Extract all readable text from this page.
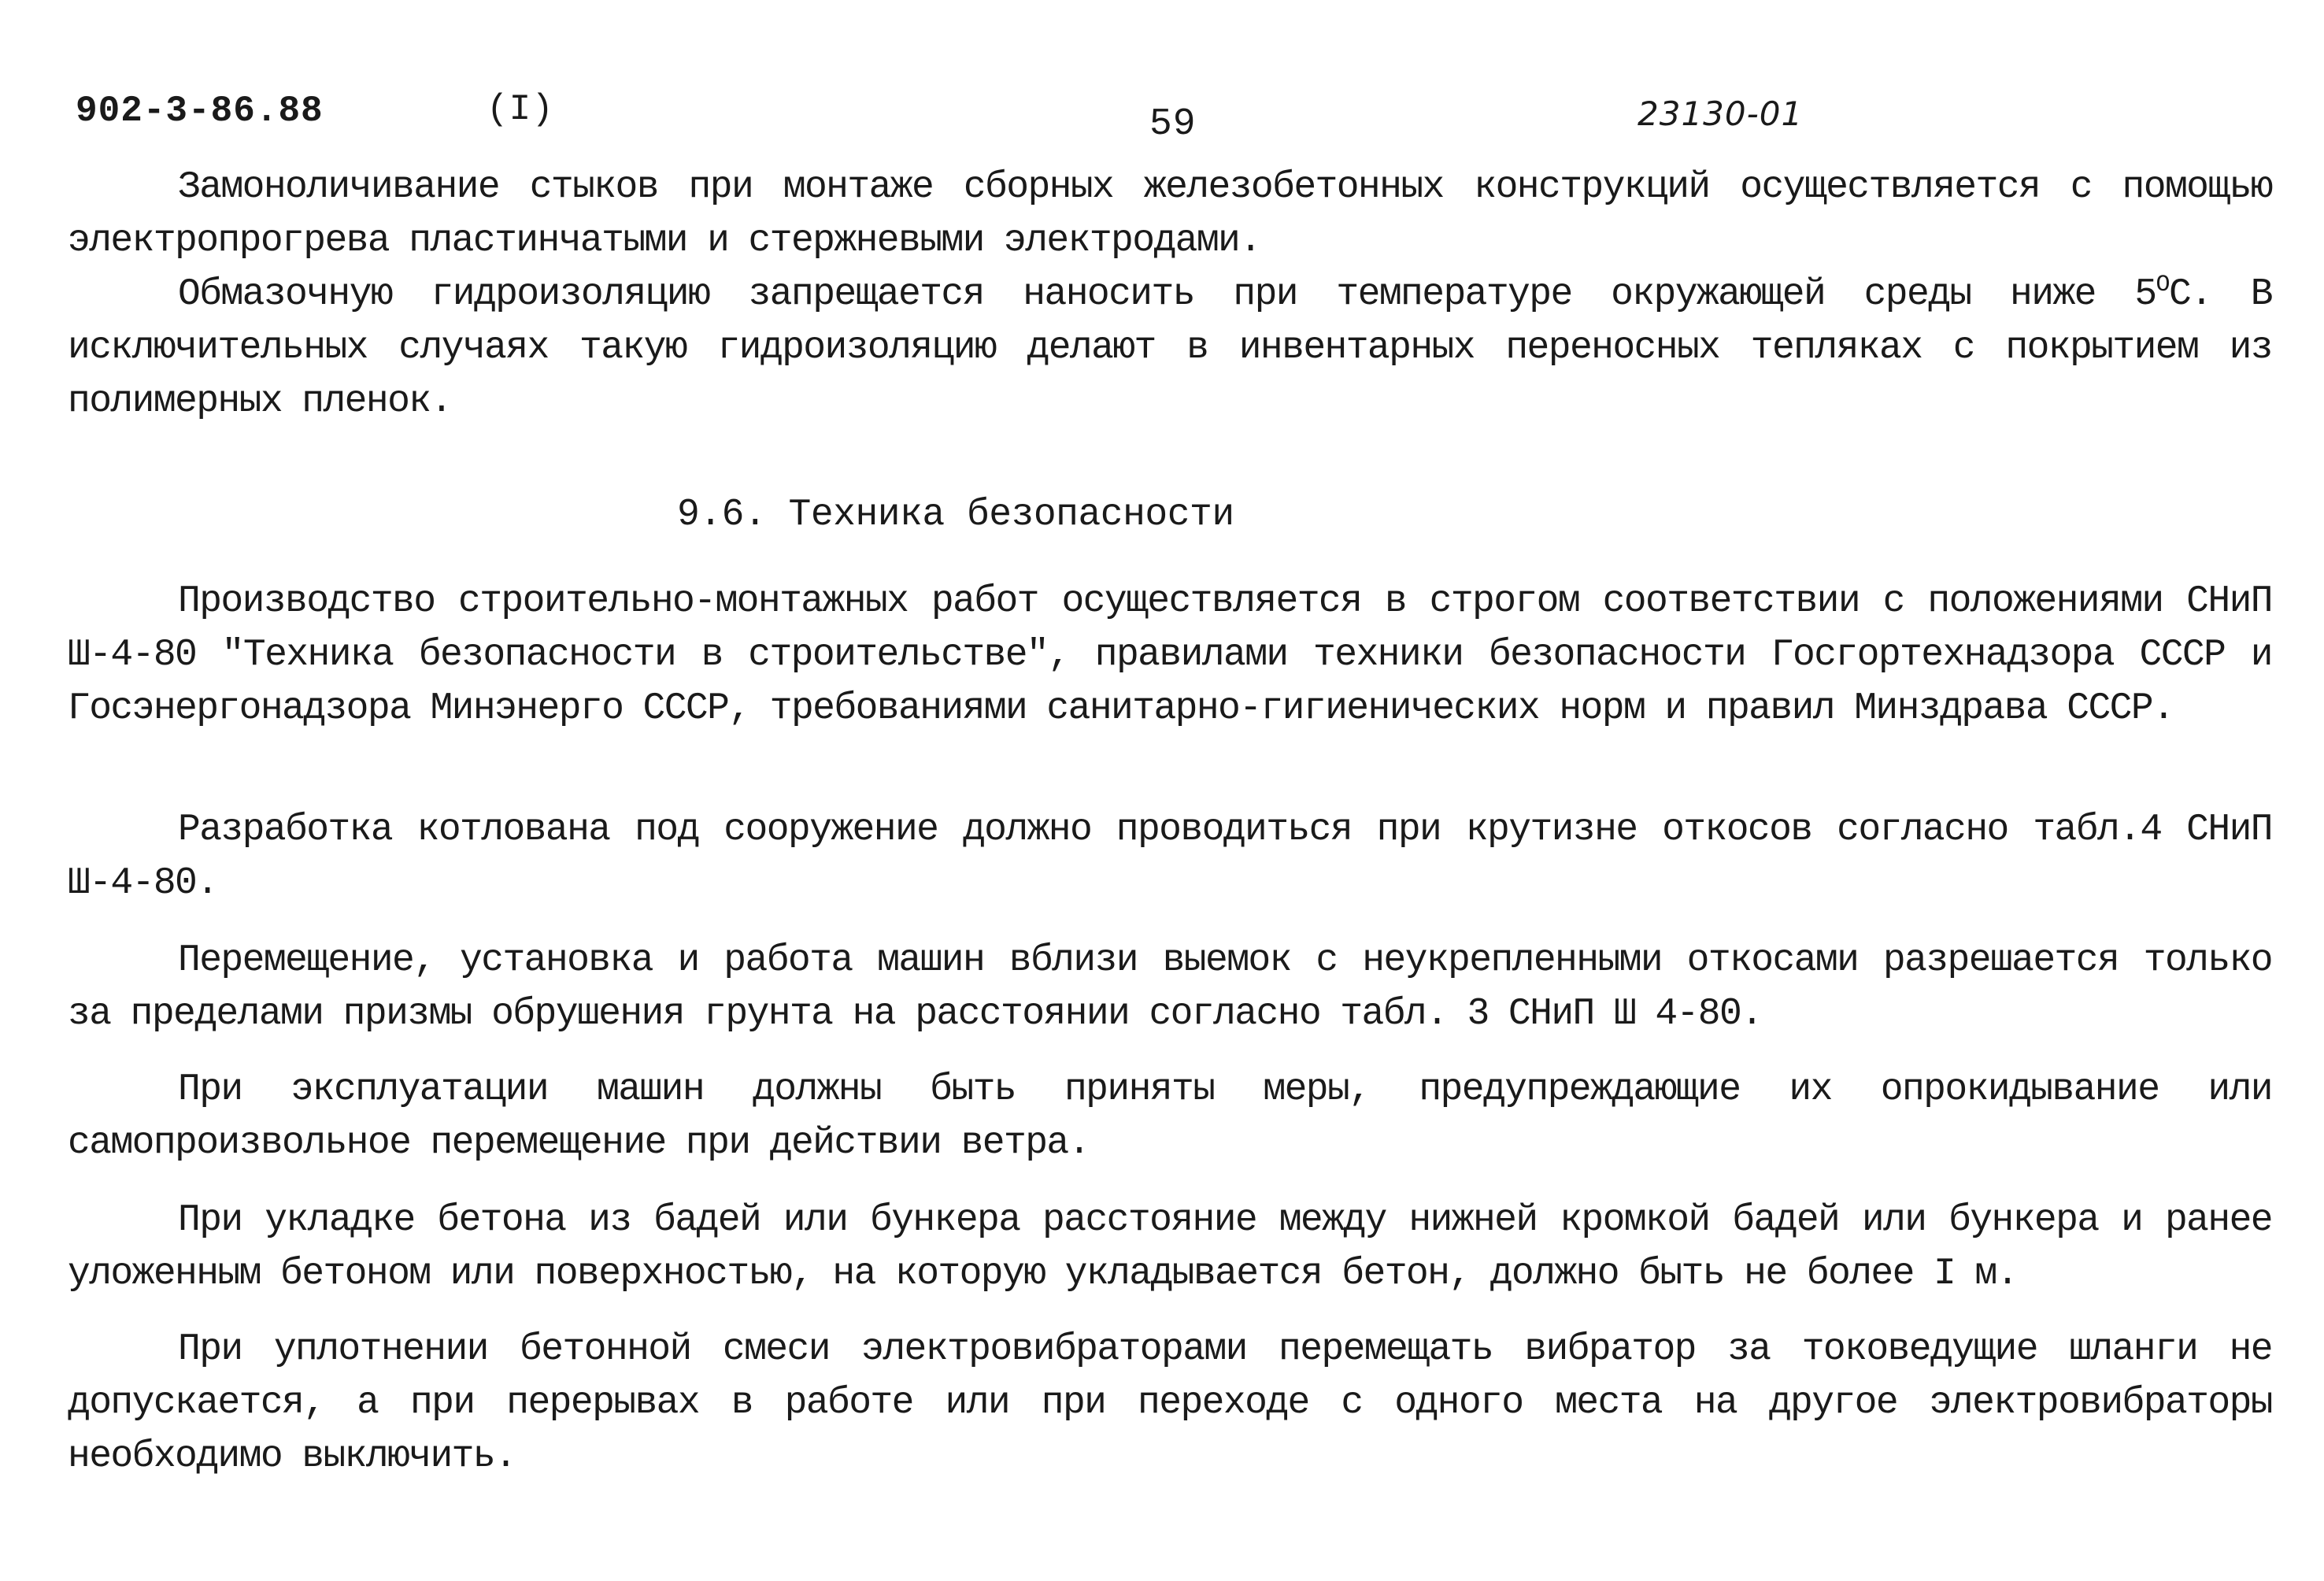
902-3-86.88	(I)	59	23130-01
Замоноличивание стыков при монтаже сборных железобетонных конструкций осуществляется с помощью электропрогрева пластинчатыми и стержневыми электродами.
Обмазочную гидроизоляцию запрещается наносить при температуре окружающей среды ниже $5^ОС$. В исключительных случаях такую гидроизоляцию делают в инвентарных переносных тепляках с покрытием из полимерных пленок.
9.6. Техника безопасности
Производство строительно-монтажных работ осуществляется в строгом соответствии с положениями СНиП Ш-4-80 "Техника безопасности в строительстве", правилами техники безопасности Госгортехнадзора СССР и Госэнергонадзора Минэнерго СССР, требованиями санитарно-гигиенических норм и правил Минздрава СССР.
Разработка котлована под сооружение должно проводиться при крутизне откосов согласно табл.4 СНиП Ш-4-80.
Перемещение, установка и работа машин вблизи выемок с неукрепленными откосами разрешается только за пределами призмы обрушения грунта на расстоянии согласно табл. 3 СНиП Ш 4-80.
При эксплуатации машин должны быть приняты меры, предупреждающие их опрокидывание или самопроизвольное перемещение при действии ветра.
При укладке бетона из бадей или бункера расстояние между нижней кромкой бадей или бункера и ранее уложенным бетоном или поверхностью, на которую укладывается бетон, должно быть не более I м.
При уплотнении бетонной смеси электровибраторами перемещать вибратор за токоведущие шланги не допускается, а при перерывах в работе или при переходе с одного места на другое электровибраторы необходимо выключить.
